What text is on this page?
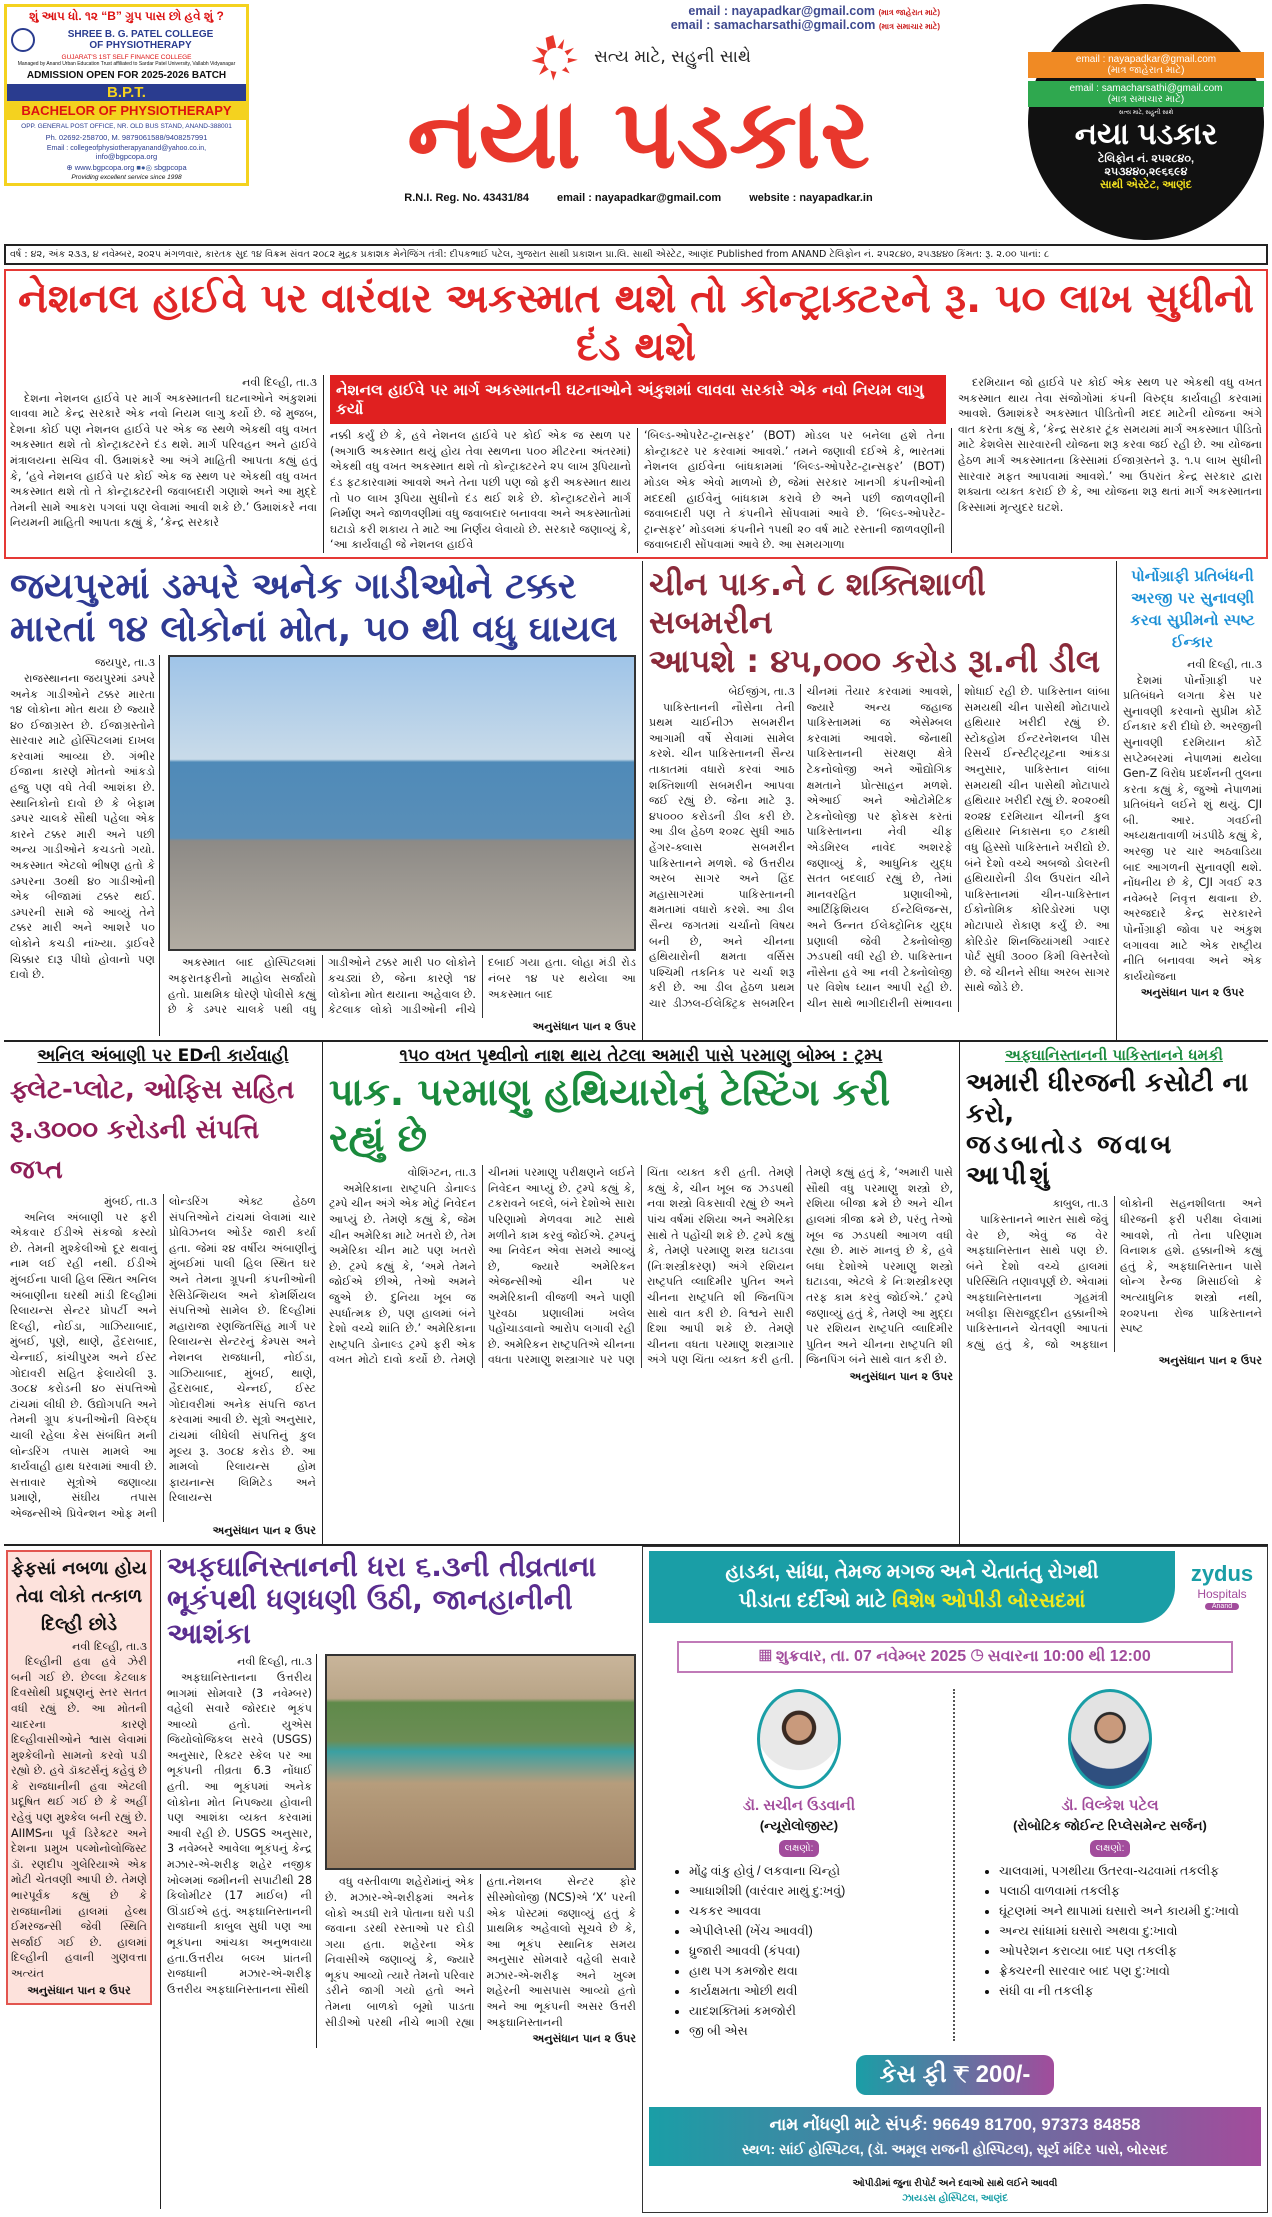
શું આપ ધો. ૧૨ “B” ગ્રુપ પાસ છો હવે શું ?
SHREE B. G. PATEL COLLEGE
OF PHYSIOTHERAPY
GUJARAT'S 1ST SELF FINANCE COLLEGE
Managed by Anand Urban Education Trust affiliated to Sardar Patel University, Vallabh Vidyanagar
ADMISSION OPEN FOR 2025-2026 BATCH
B.P.T.
BACHELOR OF PHYSIOTHERAPY
OPP. GENERAL POST OFFICE, NR. OLD BUS STAND, ANAND-388001
Ph. 02692-258700, M. 9879061588/9408257991
Email : collegeofphysiotherapyanand@yahoo.co.in,
info@bgpcopa.org
⊕ www.bgpcopa.org ■●◎ sbgpcopa
Providing excellent service since 1998
email : nayapadkar@gmail.com (માત્ર જાહેરાત માટે)
email : samacharsathi@gmail.com (માત્ર સમાચાર માટે)
સત્ય માટે, સહુની સાથે
નયા પડકાર
R.N.I. Reg. No. 43431/84	email : nayapadkar@gmail.com	website : nayapadkar.in
email : nayapadkar@gmail.com
(માત્ર જાહેરાત માટે)
email : samacharsathi@gmail.com
(માત્ર સમાચાર માટે)
સત્ય માટે, સહુની સાથે
નયા પડકાર
ટેલિફોન નં. ૨૫૨૮૪૦,
૨૫૩૪૪૦,૨૯૬૬૯૪
સાથી એસ્ટેટ, આણંદ
વર્ષ : ૪૨, અંક ૨૩૩, ૪ નવેમ્બર, ૨૦૨૫ મંગળવાર, કારતક સુદ ૧૪ વિક્રમ સંવત ૨૦૮૨ મુદ્રક પ્રકાશક મેનેજિંગ તંત્રી: દીપકભાઈ પટેલ, ગુજરાત સાથી પ્રકાશન પ્રા.લિ. સાથી એસ્ટેટ, આણંદ Published from ANAND ટેલિફોન નં. ૨૫૨૮૪૦, ૨૫૩૪૪૦ કિંમત: રૂ. ૨.૦૦ પાનાં: ૮
નેશનલ હાઈવે પર વારંવાર અકસ્માત થશે તો કોન્ટ્રાક્ટરને રૂ. ૫૦ લાખ સુધીનો દંડ થશે
નવી દિલ્હી, તા.૩

દેશના નેશનલ હાઈવે પર માર્ગ અકસ્માતની ઘટનાઓને અંકુશમાં લાવવા માટે કેન્દ્ર સરકારે એક નવો નિયમ લાગુ કર્યો છે. જે મુજબ, દેશના કોઈ પણ નેશનલ હાઈવે પર એક જ સ્થળે એકથી વધુ વખત અકસ્માત થશે તો કોન્ટ્રાક્ટરને દંડ થશે. માર્ગ પરિવહન અને હાઈવે મંત્રાલયના સચિવ વી. ઉમાશંકરે આ અંગે માહિતી આપતા કહ્યું હતું કે, ‘હવે નેશનલ હાઈવે પર કોઈ એક જ સ્થળ પર એકથી વધુ વખત અકસ્માત થશે તો તે કોન્ટ્રાક્ટરની જવાબદારી ગણાશે અને આ મુદ્દે તેમની સામે આકરા પગલાં પણ લેવામાં આવી શકે છે.’ ઉમાશંકરે નવા નિયમની માહિતી આપતા કહ્યું કે, ‘કેન્દ્ર સરકારે

નેશનલ હાઈવે પર માર્ગ અકસ્માતની ઘટનાઓને અંકુશમાં લાવવા સરકારે એક નવો નિયમ લાગુ કર્યો
નક્કી કર્યું છે કે, હવે નેશનલ હાઈવે પર કોઈ એક જ સ્થળ પર (અગાઉ અકસ્માત થયું હોય તેવા સ્થળના ૫૦૦ મીટરના અંતરમાં) એકથી વધુ વખત અકસ્માત થશે તો કોન્ટ્રાક્ટરને ૨૫ લાખ રૂપિયાનો દંડ ફટકારવામાં આવશે અને તેના પછી પણ જો ફરી અકસ્માત થાય તો ૫૦ લાખ રૂપિયા સુધીનો દંડ થઈ શકે છે. કોન્ટ્રાક્ટરોને માર્ગ નિર્માણ અને જાળવણીમાં વધુ જવાબદાર બનાવવા અને અકસ્માતોમાં ઘટાડો કરી શકાય તે માટે આ નિર્ણય લેવાયો છે. સરકારે જણાવ્યું કે, ‘આ કાર્યવાહી જે નેશનલ હાઈવે
‘બિલ્ડ-ઓપરેટ-ટ્રાન્સફર’ (BOT) મોડલ પર બનેલા હશે તેના કોન્ટ્રાક્ટર પર કરવામાં આવશે.’ તમને જણાવી દઈએ કે, ભારતમાં નેશનલ હાઈવેના બાંધકામમાં ‘બિલ્ડ-ઓપરેટ-ટ્રાન્સફર’ (BOT) મોડલ એક એવો માળખો છે, જેમાં સરકાર ખાનગી કંપનીઓની મદદથી હાઈવેનું બાંધકામ કરાવે છે અને પછી જાળવણીની જવાબદારી પણ તે કંપનીને સોંપવામાં આવે છે. ‘બિલ્ડ-ઓપરેટ-ટ્રાન્સફર’ મોડલમાં કંપનીને ૧૫થી ૨૦ વર્ષ માટે રસ્તાની જાળવણીની જવાબદારી સોંપવામાં આવે છે. આ સમયગાળા

દરમિયાન જો હાઈવે પર કોઈ એક સ્થળ પર એકથી વધુ વખત અકસ્માત થાય તેવા સંજોગોમાં કંપની વિરુદ્ધ કાર્યવાહી કરવામાં આવશે. ઉમાશંકરે અકસ્માત પીડિતોની મદદ માટેની યોજના અંગે વાત કરતા કહ્યું કે, ‘કેન્દ્ર સરકાર ટૂંક સમયમાં માર્ગ અકસ્માત પીડિતો માટે કેશલેસ સારવારની યોજના શરૂ કરવા જઈ રહી છે. આ યોજના હેઠળ માર્ગ અકસ્માતના કિસ્સામાં ઈજાગ્રસ્તને રૂ. ૧.૫ લાખ સુધીની સારવાર મફત આપવામાં આવશે.’ આ ઉપરાંત કેન્દ્ર સરકાર દ્વારા શક્યતા વ્યક્ત કરાઈ છે કે, આ યોજના શરૂ થતાં માર્ગ અકસ્માતના કિસ્સામાં મૃત્યુદર ઘટશે.

જયપુરમાં ડમ્પરે અનેક ગાડીઓને ટક્કર
મારતાં ૧૪ લોકોનાં મોત, ૫૦ થી વધુ ઘાયલ
જયપુર, તા.૩

રાજસ્થાનના જયપુરમાં ડમ્પરે અનેક ગાડીઓને ટક્કર મારતા ૧૪ લોકોના મોત થયા છે જ્યારે ૪૦ ઈજાગ્રસ્ત છે. ઈજાગ્રસ્તોને સારવાર માટે હોસ્પિટલમાં દાખલ કરવામાં આવ્યા છે. ગંભીર ઈજાના કારણે મોતનો આંકડો હજુ પણ વધે તેવી આશંકા છે. સ્થાનિકોનો દાવો છે કે બેફામ ડમ્પર ચાલકે સૌથી પહેલા એક કારને ટક્કર મારી અને પછી અન્ય ગાડીઓને કચડતો ગયો. અકસ્માત એટલો ભીષણ હતો કે ડમ્પરના ૩૦થી ૪૦ ગાડીઓની એક બીજામાં ટક્કર થઈ. ડમ્પરની સામે જે આવ્યું તેને ટક્કર મારી અને આશરે ૫૦ લોકોને કચડી નાંખ્યા. ડ્રાઈવરે ચિક્કાર દારૂ પીધો હોવાનો પણ દાવો છે.

અકસ્માત બાદ હોસ્પિટલમાં અફરાતફરીનો માહોલ સર્જાયો હતો. પ્રાથમિક ધોરણે પોલીસે કહ્યું છે કે ડમ્પર ચાલકે ૫થી વધુ ગાડીઓને ટક્કર મારી ૫૦ લોકોને કચડ્યાં છે, જેના કારણે ૧૪ લોકોના મોત થયાના અહેવાલ છે. કેટલાક લોકો ગાડીઓની નીચે દબાઈ ગયા હતા. લોહા મંડી રોડ નંબર ૧૪ પર થયેલા આ અકસ્માત બાદ

અનુસંધાન પાન ૨ ઉપર
ચીન પાક.ને ૮ શક્તિશાળી સબમરીન
આપશે : ૪૫,૦૦૦ કરોડ રૂા.ની ડીલ
બેઈજીંગ, તા.૩

પાકિસ્તાનની નૌસેના તેની પ્રથમ ચાઈનીઝ સબમરીન આગામી વર્ષે સેવામાં સામેલ કરશે. ચીન પાકિસ્તાનની સૈન્ય તાકાતમાં વધારો કરવાં આઠ શક્તિશાળી સબમરીન આપવા જઈ રહ્યું છે. જેના માટે રૂ. ૪૫૦૦૦ કરોડની ડીલ કરી છે. આ ડીલ હેઠળ ૨૦૨૮ સુધી આઠ હેંગર-ક્લાસ સબમરીન પાકિસ્તાનને મળશે. જે ઉત્તરીય અરબ સાગર અને હિંદ મહાસાગરમાં પાકિસ્તાનની ક્ષમતામાં વધારો કરશે. આ ડીલ સૈન્ય જગતમાં ચર્ચાનો વિષય બની છે, અને ચીનના હથિયારોની ક્ષમતા વર્સિસ પશ્ચિમી તકનિક પર ચર્ચા શરૂ કરી છે. આ ડીલ હેઠળ પ્રથમ ચાર ડીઝલ-ઈલેક્ટ્રિક સબમરિન ચીનમાં તૈયાર કરવામાં આવશે, જ્યારે અન્ય જહાજ પાકિસ્તામમાં જ એસેમ્બલ કરવામાં આવશે. જેનાથી પાકિસ્તાનની સંરક્ષણ ક્ષેત્રે ટેકનોલોજી અને ઔદ્યોગિક ક્ષમતાને પ્રોત્સાહન મળશે. એઆઈ અને ઓટોમેટિક ટેકનોલોજી પર ફોકસ કરતાં પાકિસ્તાનના નેવી ચીફ એડમિરલ નાવેદ અશરફે જણાવ્યું કે, આધુનિક યુદ્ધ સતત બદલાઈ રહ્યું છે, તેમાં માનવરહિત પ્રણાલીઓ, આર્ટિફિશિયલ ઈન્ટેલિજન્સ, અને ઉન્નત ઈલેક્ટ્રોનિક યુદ્ધ પ્રણાલી જેવી ટેક્નોલોજી ઝડપથી વધી રહી છે. પાકિસ્તાન નૌસેના હવે આ નવી ટેક્નોલોજી પર વિશેષ ધ્યાન આપી રહી છે. ચીન સાથે ભાગીદારીની સંભાવના શોધાઈ રહી છે. પાકિસ્તાન લાંબા સમયથી ચીન પાસેથી મોટાપાયે હથિયાર ખરીદી રહ્યું છે. સ્ટોકહોમ ઈન્ટરનેશનલ પીસ રિસર્ચ ઈન્સ્ટીટ્યૂટના આંકડા અનુસાર, પાકિસ્તાન લાંબા સમયથી ચીન પાસેથી મોટાપાયે હથિયાર ખરીદી રહ્યું છે. ૨૦૨૦થી ૨૦૨૪ દરમિયાન ચીનની કુલ હથિયાર નિકાસના ૬૦ ટકાથી વધુ હિસ્સો પાકિસ્તાને ખરીદ્યો છે. બંને દેશો વચ્ચે અબજો ડોલરની હથિયારોની ડીલ ઉપરાંત ચીને પાકિસ્તાનમાં ચીન-પાકિસ્તાન ઈકોનોમિક કોરિડોરમાં પણ મોટાપાયે રોકાણ કર્યું છે. આ કોરિડોર શિનજિયાંગથી ગ્વાદર પોર્ટ સુધી ૩૦૦૦ કિમી વિસ્તરેલો છે. જે ચીનને સીધા અરબ સાગર સાથે જોડે છે.

પોર્નોગ્રાફી પ્રતિબંધની અરજી પર સુનાવણી કરવા સુપ્રીમનો સ્પષ્ટ ઈન્કાર
નવી દિલ્હી, તા.૩

દેશમાં પોર્નોગ્રાફી પર પ્રતિબંધને લગતા કેસ પર સુનાવણી કરવાનો સુપ્રીમ કોર્ટે ઈનકાર કરી દીધો છે. અરજીની સુનાવણી દરમિયાન કોર્ટે સપ્ટેમ્બરમાં નેપાળમાં થયેલા Gen-Z વિરોધ પ્રદર્શનની તુલના કરતા કહ્યું કે, જુઓ નેપાળમાં પ્રતિબંધને લઈને શું થયું. CJI બી. આર. ગવઈની અધ્યક્ષતાવાળી ખંડપીઠે કહ્યું કે, અરજી પર ચાર અઠવાડિયા બાદ આગળની સુનાવણી થશે. નોંધનીય છે કે, CJI ગવઈ ૨૩ નવેમ્બરે નિવૃત્ત થવાના છે. અરજદારે કેન્દ્ર સરકારને પોર્નોગ્રાફી જોવા પર અંકુશ લગાવવા માટે એક રાષ્ટ્રીય નીતિ બનાવવા અને એક કાર્યયોજના

અનુસંધાન પાન ૨ ઉપર
અનિલ અંબાણી પર EDની કાર્યવાહી
ફ્લેટ-પ્લોટ, ઓફિસ સહિત રૂ.૩૦૦૦ કરોડની સંપત્તિ જપ્ત
મુંબઈ, તા.૩

અનિલ અંબાણી પર ફરી એકવાર ઈડીએ સંકજો કસ્યો છે. તેમની મુશ્કેલીઓ દૂર થવાનું નામ લઈ રહી નથી. ઈડીએ મુંબઈના પાલી હિલ સ્થિત અનિલ અંબાણીના ઘરથી માંડી દિલ્હીમાં રિલાયન્સ સેન્ટર પ્રોપર્ટી અને દિલ્હી, નોઈડા, ગાઝિયાબાદ, મુંબઈ, પૂણે, થાણે, હૈદરાબાદ, ચેન્નાઈ, કાંચીપુરમ અને ઈસ્ટ ગોદાવરી સહિત ફેલાયેલી રૂ. ૩૦૮૪ કરોડની ૪૦ સંપત્તિઓ ટાંચમાં લીધી છે. ઉદ્યોગપતિ અને તેમની ગ્રૂપ કંપનીઓની વિરુદ્ધ ચાલી રહેલા કેસ સંબંધિત મની લોન્ડરિંગ તપાસ મામલે આ કાર્યવાહી હાથ ધરવામાં આવી છે. સત્તાવાર સૂત્રોએ જણાવ્યા પ્રમાણે, સંઘીય તપાસ એજન્સીએ પ્રિવેન્શન ઓફ મની લોન્ડરિંગ એક્ટ હેઠળ સંપત્તિઓને ટાંચમાં લેવામાં ચાર પ્રોવિઝનલ ઓર્ડર જારી કર્યા હતા. જેમાં ૨૪ વર્ષીય અંબાણીનું મુંબઈમાં પાલી હિલ સ્થિત ઘર અને તેમના ગ્રૂપની કંપનીઓની રેસિડેન્શિયલ અને કોમર્શિયલ સંપત્તિઓ સામેલ છે. દિલ્હીમાં મહારાજા રણજિતસિંહ માર્ગ પર રિલાયન્સ સેન્ટરનું કેમ્પસ અને નેશનલ રાજધાની, નોઈડા, ગાઝિયાબાદ, મુંબઈ, થાણે, હૈદરાબાદ, ચેન્નઈ, ઈસ્ટ ગોદાવરીમાં અનેક સંપત્તિ જપ્ત કરવામાં આવી છે. સૂત્રો અનુસાર, ટાંચમાં લીધેલી સંપત્તિનું કુલ મૂલ્ય રૂ. ૩૦૮૪ કરોડ છે. આ મામલો રિલાયન્સ હોમ ફાયનાન્સ લિમિટેડ અને રિલાયન્સ

અનુસંધાન પાન ૨ ઉપર
૧૫૦ વખત પૃથ્વીનો નાશ થાય તેટલા અમારી પાસે પરમાણુ બોમ્બ : ટ્રમ્પ
પાક. પરમાણુ હથિયારોનું ટેસ્ટિંગ કરી રહ્યું છે
વોશિંગ્ટન, તા.૩

અમેરિકાના રાષ્ટ્રપતિ ડોનાલ્ડ ટ્રમ્પે ચીન અંગે એક મોટું નિવેદન આપ્યું છે. તેમણે કહ્યું કે, જેમ ચીન અમેરિકા માટે ખતરો છે, તેમ અમેરિકા ચીન માટે પણ ખતરો છે. ટ્રમ્પે કહ્યું કે, ‘અમે તેમને જોઈએ છીએ, તેઓ અમને જુએ છે. દુનિયા ખૂબ જ સ્પર્ધાત્મક છે, પણ હાલમાં બંને દેશો વચ્ચે શાંતિ છે.’ અમેરિકાના રાષ્ટ્રપતિ ડોનાલ્ડ ટ્રમ્પે ફરી એક વખત મોટો દાવો કર્યો છે. તેમણે ચીનમાં પરમાણુ પરીક્ષણને લઈને નિવેદન આપ્યું છે. ટ્રમ્પે કહ્યું કે, ટકરાવને બદલે, બંને દેશોએ સારા પરિણામો મેળવવા માટે સાથે મળીને કામ કરવું જોઈએ. ટ્રમ્પનું આ નિવેદન એવા સમયે આવ્યું છે, જ્યારે અમેરિકન એજન્સીઓ ચીન પર અમેરિકાની વીજળી અને પાણી પુરવઠા પ્રણાલીમાં ખલેલ પહોંચાડવાનો આરોપ લગાવી રહી છે. અમેરિકન રાષ્ટ્રપતિએ ચીનના વધતા પરમાણુ શસ્ત્રાગાર પર પણ ચિંતા વ્યક્ત કરી હતી. તેમણે કહ્યું કે, ચીન ખૂબ જ ઝડપથી નવા શસ્ત્રો વિકસાવી રહ્યું છે અને પાંચ વર્ષમાં રશિયા અને અમેરિકા સાથે તે પહોંચી શકે છે. ટ્રમ્પે કહ્યું કે, તેમણે પરમાણુ શસ્ત્ર ઘટાડવા (નિઃશસ્ત્રીકરણ) અંગે રશિયન રાષ્ટ્રપતિ વ્લાદિમીર પુતિન અને ચીનના રાષ્ટ્રપતિ શી જિનપિંગ સાથે વાત કરી છે. વિશ્વને સારી દિશા આપી શકે છે. તેમણે ચીનના વધતા પરમાણુ શસ્ત્રાગાર અંગે પણ ચિંતા વ્યક્ત કરી હતી. તેમણે કહ્યું હતું કે, ‘અમારી પાસે સૌથી વધુ પરમાણુ શસ્ત્રો છે, રશિયા બીજા ક્રમે છે અને ચીન હાલમાં ત્રીજા ક્રમે છે, પરંતુ તેઓ ખૂબ જ ઝડપથી આગળ વધી રહ્યા છે. મારું માનવું છે કે, હવે બધા દેશોએ પરમાણુ શસ્ત્રો ઘટાડવા, એટલે કે નિઃશસ્ત્રીકરણ તરફ કામ કરવું જોઈએ.’ ટ્રમ્પે જણાવ્યું હતું કે, તેમણે આ મુદ્દા પર રશિયન રાષ્ટ્રપતિ વ્લાદિમીર પુતિન અને ચીનના રાષ્ટ્રપતિ શી જિનપિંગ બંને સાથે વાત કરી છે.

અનુસંધાન પાન ૨ ઉપર
અફઘાનિસ્તાનની પાકિસ્તાનને ધમકી
અમારી ધીરજની કસોટી ના કરો,
જડબાતોડ જવાબ આપીશું
કાબુલ, તા.૩

પાકિસ્તાનને ભારત સાથે જેવું વેર છે, એવું જ વેર અફઘાનિસ્તાન સાથે પણ છે. બંને દેશો વચ્ચે હાલમાં પરિસ્થિતિ તણાવપૂર્ણ છે. એવામાં અફઘાનિસ્તાનના ગૃહમંત્રી ખલીફા સિરાજુદ્દીન હક્કાનીએ પાકિસ્તાનને ચેતવણી આપતાં કહ્યું હતું કે, જો અફઘાન લોકોની સહનશીલતા અને ધીરજની ફરી પરીક્ષા લેવામાં આવશે, તો તેના પરિણામ વિનાશક હશે. હક્કાનીએ કહ્યું હતું કે, અફઘાનિસ્તાન પાસે લોન્ગ રેન્જ મિસાઈલો કે અત્યાધુનિક શસ્ત્રો નથી, ૨૦૨૫ના રોજ પાકિસ્તાનને સ્પષ્ટ

અનુસંધાન પાન ૨ ઉપર
ફેફસાં નબળા હોય તેવા લોકો તત્કાળ દિલ્હી છોડે
નવી દિલ્હી, તા.૩

દિલ્હીની હવા હવે ઝેરી બની ગઈ છે. છેલ્લા કેટલાક દિવસોથી પ્રદૂષણનું સ્તર સતત વધી રહ્યું છે. આ મોતની ચાદરના કારણે દિલ્હીવાસીઓને શ્વાસ લેવામાં મુશ્કેલીનો સામનો કરવો પડી રહ્યો છે. હવે ડૉક્ટર્સનું કહેવું છે કે રાજધાનીની હવા એટલી પ્રદૂષિત થઈ ગઈ છે કે અહીં રહેવું પણ મુશ્કેલ બની રહ્યું છે. AIIMSના પૂર્વ ડિરેક્ટર અને દેશના પ્રમુખ પલ્મોનોલોજિસ્ટ ડૉ. રણદીપ ગુલેરિયાએ એક મોટી ચેતવણી આપી છે. તેમણે ભારપૂર્વક કહ્યું છે કે રાજધાનીમાં હાલમાં હેલ્થ ઈમરજન્સી જેવી સ્થિતિ સર્જાઈ ગઈ છે. હાલમાં દિલ્હીની હવાની ગુણવત્તા અત્યંત

અનુસંધાન પાન ૨ ઉપર
અફઘાનિસ્તાનની ધરા ૬.૩ની તીવ્રતાના
ભૂકંપથી ધણધણી ઉઠી, જાનહાનીની આશંકા
નવી દિલ્હી, તા.૩

અફઘાનિસ્તાનના ઉત્તરીય ભાગમાં સોમવારે (3 નવેમ્બર) વહેલી સવારે જોરદાર ભૂકંપ આવ્યો હતો. યુએસ જિયોલોજિકલ સરવે (USGS) અનુસાર, રિક્ટર સ્કેલ પર આ ભૂકંપની તીવ્રતા 6.3 નોંધાઈ હતી. આ ભૂકંપમાં અનેક લોકોના મોત નિપજ્યા હોવાની પણ આશંકા વ્યક્ત કરવામાં આવી રહી છે. USGS અનુસાર, 3 નવેમ્બરે આવેલા ભૂકંપનું કેન્દ્ર મઝાર-એ-શરીફ શહેર નજીક ખોલ્મમાં જમીનની સપાટીથી 28 કિલોમીટર (17 માઈલ) ની ઊંડાઈએ હતું. અફઘાનિસ્તાનની રાજધાની કાબુલ સુધી પણ આ ભૂકંપના આંચકા અનુભવાયા હતા.ઉત્તરીય બલ્ખ પ્રાંતની રાજધાની મઝાર-એ-શરીફ ઉત્તરીય અફઘાનિસ્તાનના સૌથી

વધુ વસ્તીવાળા શહેરોમાંનું એક છે. મઝાર-એ-શરીફમાં અનેક લોકો અડધી રાત્રે પોતાના ઘરો પડી જવાના ડરથી રસ્તાઓ પર દોડી ગયા હતા. શહેરના એક નિવાસીએ જણાવ્યું કે, જ્યારે ભૂકંપ આવ્યો ત્યારે તેમનો પરિવાર ડરીને જાગી ગયો હતો અને તેમના બાળકો બૂમો પાડતા સીડીઓ પરથી નીચે ભાગી રહ્યા હતા.નેશનલ સેન્ટર ફોર સીસ્મોલોજી (NCS)એ ‘X’ પરની એક પોસ્ટમાં જણાવ્યું હતું કે પ્રાથમિક અહેવાલો સૂચવે છે કે, આ ભૂકંપ સ્થાનિક સમય અનુસાર સોમવારે વહેલી સવારે મઝાર-એ-શરીફ અને ખુલ્મ શહેરની આસપાસ આવ્યો હતો અને આ ભૂકંપની અસર ઉત્તરી અફઘાનિસ્તાનની

અનુસંધાન પાન ૨ ઉપર
હાડકા, સાંધા, તેમજ મગજ અને ચેતાતંતુ રોગથી
પીડાતા દર્દીઓ માટે વિશેષ ઓપીડી બોરસદમાં
zydus
Hospitals
Anand
▦ શુક્રવાર, તા. 07 નવેમ્બર 2025 ◷ સવારના 10:00 થી 12:00
ડૉ. સચીન ઉડવાની
(ન્યૂરોલોજીસ્ટ)
લક્ષણો:
• મોંઢુ વાંકુ હોવું / લકવાના ચિન્હો
• આધાશીશી (વારંવાર માથું દુ:ખવું)
• ચકકર આવવા
• એપીલેપ્સી (ખેંચ આવવી)
• ધ્રુજારી આવવી (કંપવા)
• હાથ પગ કમજોર થવા
• કાર્યક્ષમતા ઓછી થવી
• યાદશક્તિમાં કમજોરી
• જી બી એસ
ડૉ. વિલ્કેશ પટેલ
(રોબોટિક જોઈન્ટ રિપ્લેસમેન્ટ સર્જન)
લક્ષણો:
• ચાલવામાં, પગથીયા ઉતરવા-ચઢવામાં તકલીફ
• પલાઠી વાળવામાં તકલીફ
• ઘૂંટણમાં અને થાપામાં ઘસારો અને કાયમી દુ:ખાવો
• અન્ય સાંધામાં ઘસારો અથવા દુ:ખાવો
• ઓપરેશન કરાવ્યા બાદ પણ તકલીફ
• ફ્રેક્ચરની સારવાર બાદ પણ દુ:ખાવો
• સંધી વા ની તકલીફ
કેસ ફી ₹ 200/-
નામ નોંધણી માટે સંપર્ક: 96649 81700, 97373 84858
સ્થળ: સાંઈ હોસ્પિટલ, (ડૉ. અમૂલ રાજની હોસ્પિટલ), સૂર્ય મંદિર પાસે, બોરસદ
ઓપીડીમાં જુના રીપોર્ટ અને દવાઓ સાથે લઈને આવવી
ઝાયડસ હોસ્પિટલ, આણંદ
